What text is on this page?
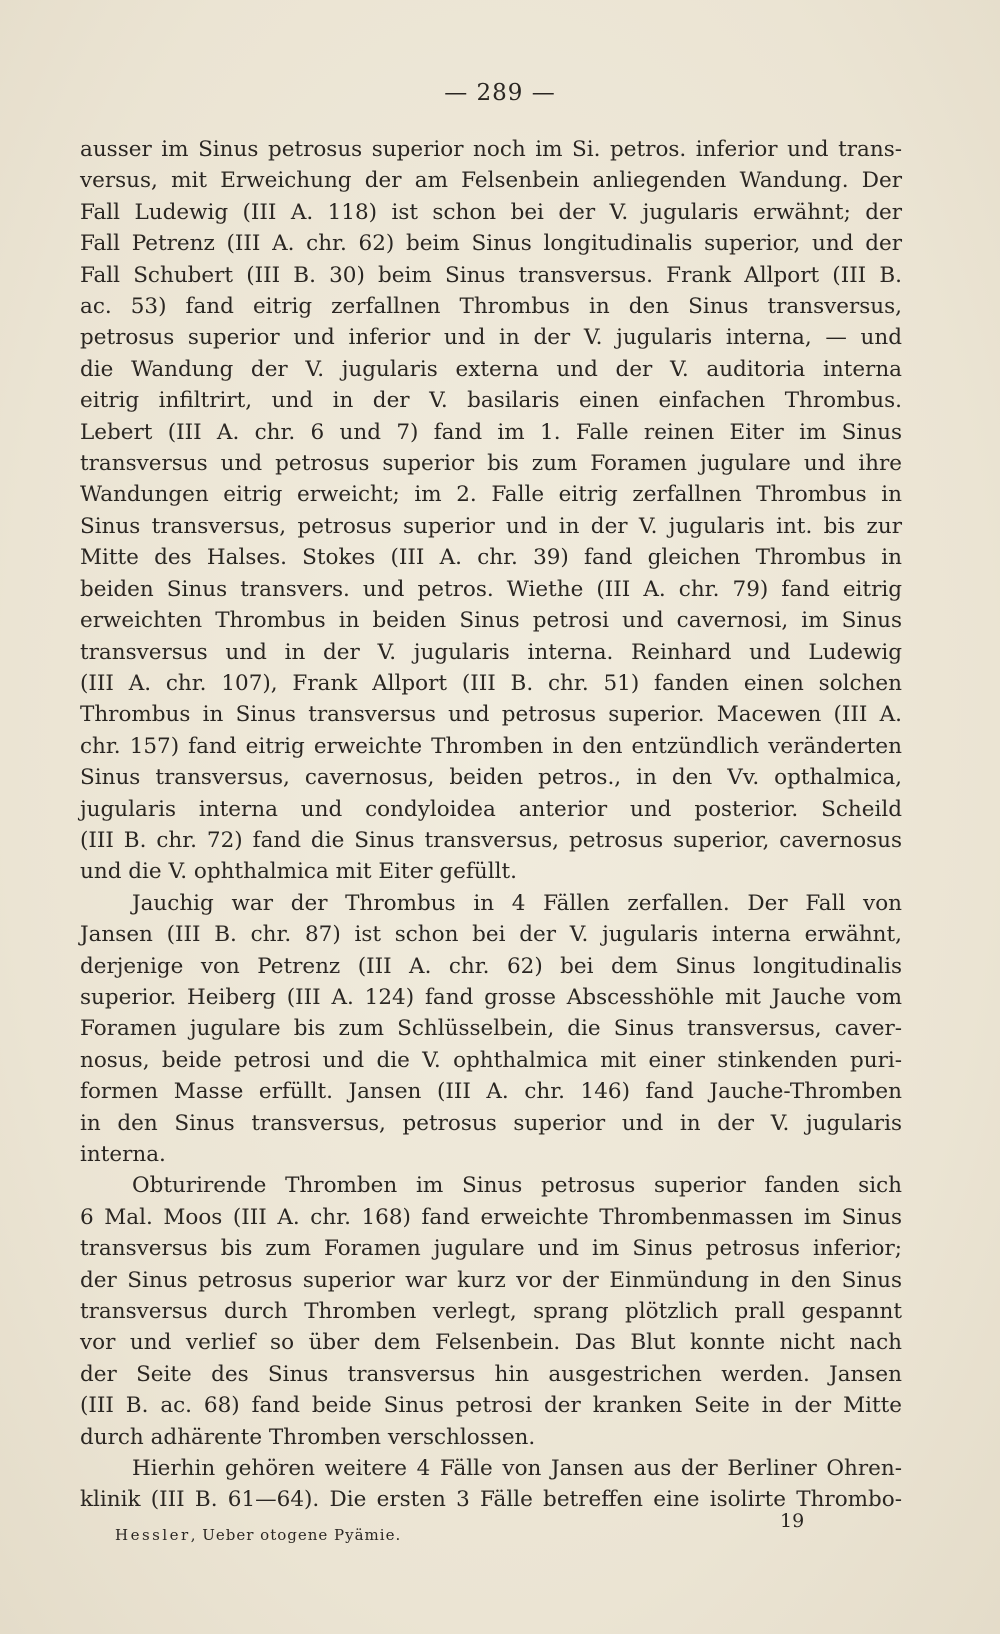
— 289 —
ausser im Sinus petrosus superior noch im Si. petros. inferior und trans-
versus, mit Erweichung der am Felsenbein anliegenden Wandung. Der
Fall Ludewig (III A. 118) ist schon bei der V. jugularis erwähnt; der
Fall Petrenz (III A. chr. 62) beim Sinus longitudinalis superior, und der
Fall Schubert (III B. 30) beim Sinus transversus. Frank Allport (III B.
ac. 53) fand eitrig zerfallnen Thrombus in den Sinus transversus,
petrosus superior und inferior und in der V. jugularis interna, — und
die Wandung der V. jugularis externa und der V. auditoria interna
eitrig infiltrirt, und in der V. basilaris einen einfachen Thrombus.
Lebert (III A. chr. 6 und 7) fand im 1. Falle reinen Eiter im Sinus
transversus und petrosus superior bis zum Foramen jugulare und ihre
Wandungen eitrig erweicht; im 2. Falle eitrig zerfallnen Thrombus in
Sinus transversus, petrosus superior und in der V. jugularis int. bis zur
Mitte des Halses. Stokes (III A. chr. 39) fand gleichen Thrombus in
beiden Sinus transvers. und petros. Wiethe (III A. chr. 79) fand eitrig
erweichten Thrombus in beiden Sinus petrosi und cavernosi, im Sinus
transversus und in der V. jugularis interna. Reinhard und Ludewig
(III A. chr. 107), Frank Allport (III B. chr. 51) fanden einen solchen
Thrombus in Sinus transversus und petrosus superior. Macewen (III A.
chr. 157) fand eitrig erweichte Thromben in den entzündlich veränderten
Sinus transversus, cavernosus, beiden petros., in den Vv. opthalmica,
jugularis interna und condyloidea anterior und posterior. Scheild
(III B. chr. 72) fand die Sinus transversus, petrosus superior, cavernosus
und die V. ophthalmica mit Eiter gefüllt.
Jauchig war der Thrombus in 4 Fällen zerfallen. Der Fall von
Jansen (III B. chr. 87) ist schon bei der V. jugularis interna erwähnt,
derjenige von Petrenz (III A. chr. 62) bei dem Sinus longitudinalis
superior. Heiberg (III A. 124) fand grosse Abscesshöhle mit Jauche vom
Foramen jugulare bis zum Schlüsselbein, die Sinus transversus, caver-
nosus, beide petrosi und die V. ophthalmica mit einer stinkenden puri-
formen Masse erfüllt. Jansen (III A. chr. 146) fand Jauche-Thromben
in den Sinus transversus, petrosus superior und in der V. jugularis
interna.
Obturirende Thromben im Sinus petrosus superior fanden sich
6 Mal. Moos (III A. chr. 168) fand erweichte Thrombenmassen im Sinus
transversus bis zum Foramen jugulare und im Sinus petrosus inferior;
der Sinus petrosus superior war kurz vor der Einmündung in den Sinus
transversus durch Thromben verlegt, sprang plötzlich prall gespannt
vor und verlief so über dem Felsenbein. Das Blut konnte nicht nach
der Seite des Sinus transversus hin ausgestrichen werden. Jansen
(III B. ac. 68) fand beide Sinus petrosi der kranken Seite in der Mitte
durch adhärente Thromben verschlossen.
Hierhin gehören weitere 4 Fälle von Jansen aus der Berliner Ohren-
klinik (III B. 61—64). Die ersten 3 Fälle betreffen eine isolirte Thrombo-
19
Hessler, Ueber otogene Pyämie.
